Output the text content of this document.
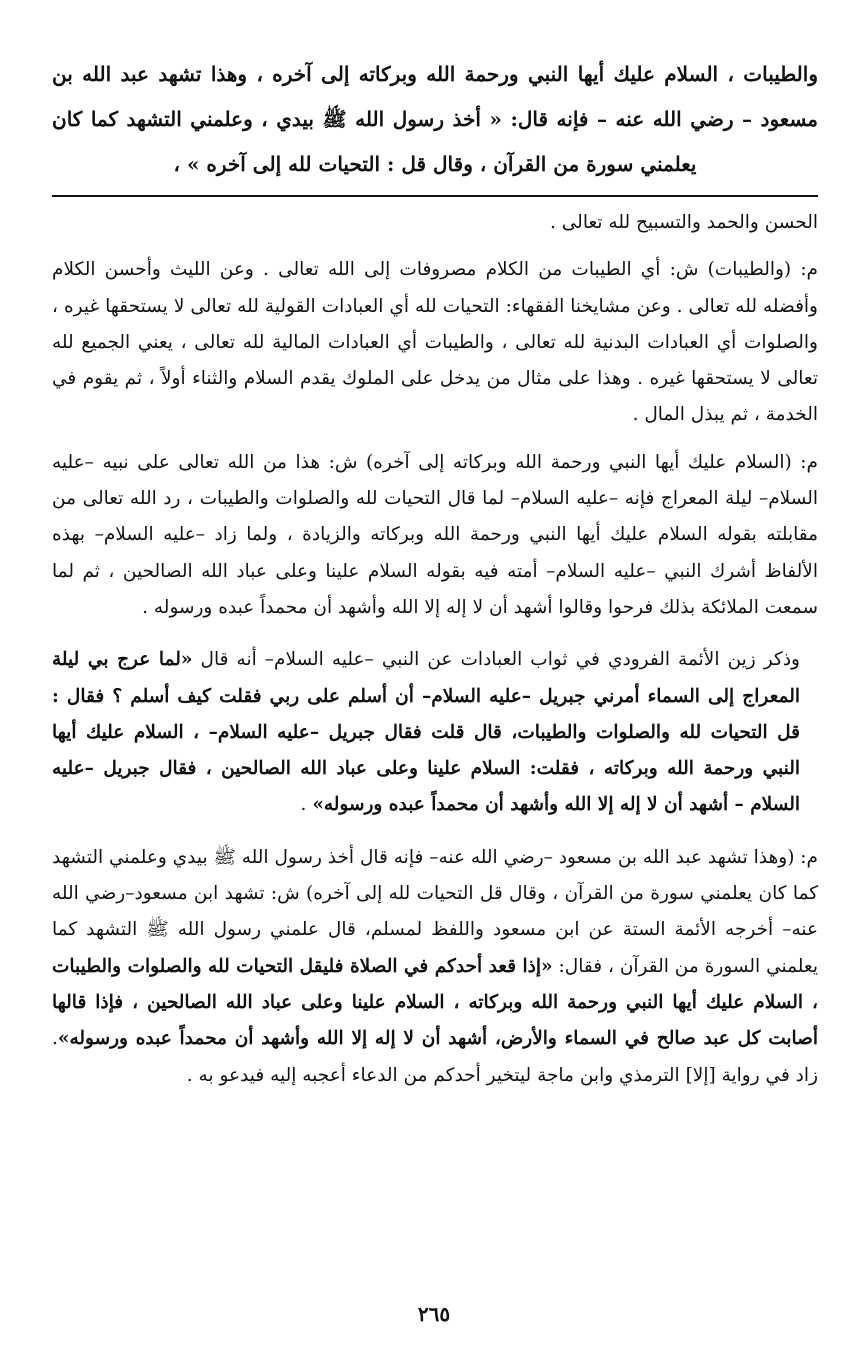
والطيبات ، السلام عليك أيها النبي ورحمة الله وبركاته إلى آخره ، وهذا تشهد عبد الله بن مسعود – رضي الله عنه – فإنه قال: « أخذ رسول الله ﷺ بيدي ، وعلمني التشهد كما كان يعلمني سورة من القرآن ، وقال قل : التحيات لله إلى آخره » ،

الحسن والحمد والتسبيح لله تعالى .

م: (والطيبات) ش: أي الطيبات من الكلام مصروفات إلى الله تعالى . وعن الليث وأحسن الكلام وأفضله لله تعالى . وعن مشايخنا الفقهاء: التحيات لله أي العبادات القولية لله تعالى لا يستحقها غيره ، والصلوات أي العبادات البدنية لله تعالى ، والطيبات أي العبادات المالية لله تعالى ، يعني الجميع لله تعالى لا يستحقها غيره . وهذا على مثال من يدخل على الملوك يقدم السلام والثناء أولاً ، ثم يقوم في الخدمة ، ثم يبذل المال .

م: (السلام عليك أيها النبي ورحمة الله وبركاته إلى آخره) ش: هذا من الله تعالى على نبيه –عليه السلام– ليلة المعراج فإنه –عليه السلام– لما قال التحيات لله والصلوات والطيبات ، رد الله تعالى من مقابلته بقوله السلام عليك أيها النبي ورحمة الله وبركاته والزيادة ، ولما زاد –عليه السلام– بهذه الألفاظ أشرك النبي –عليه السلام– أمته فيه بقوله السلام علينا وعلى عباد الله الصالحين ، ثم لما سمعت الملائكة بذلك فرحوا وقالوا أشهد أن لا إله إلا الله وأشهد أن محمداً عبده ورسوله .

وذكر زين الأئمة الفرودي في ثواب العبادات عن النبي –عليه السلام– أنه قال «لما عرج بي ليلة المعراج إلى السماء أمرني جبريل –عليه السلام– أن أسلم على ربي فقلت كيف أسلم ؟ فقال : قل التحيات لله والصلوات والطيبات، قال قلت فقال جبريل –عليه السلام– ، السلام عليك أيها النبي ورحمة الله وبركاته ، فقلت: السلام علينا وعلى عباد الله الصالحين ، فقال جبريل –عليه السلام – أشهد أن لا إله إلا الله وأشهد أن محمداً عبده ورسوله» .

م: (وهذا تشهد عبد الله بن مسعود –رضي الله عنه– فإنه قال أخذ رسول الله ﷺ بيدي وعلمني التشهد كما كان يعلمني سورة من القرآن ، وقال قل التحيات لله إلى آخره) ش: تشهد ابن مسعود–رضي الله عنه– أخرجه الأئمة الستة عن ابن مسعود واللفظ لمسلم، قال علمني رسول الله ﷺ التشهد كما يعلمني السورة من القرآن ، فقال: «إذا قعد أحدكم في الصلاة فليقل التحيات لله والصلوات والطيبات ، السلام عليك أيها النبي ورحمة الله وبركاته ، السلام علينا وعلى عباد الله الصالحين ، فإذا قالها أصابت كل عبد صالح في السماء والأرض، أشهد أن لا إله إلا الله وأشهد أن محمداً عبده ورسوله». زاد في رواية [إلا] الترمذي وابن ماجة ليتخير أحدكم من الدعاء أعجبه إليه فيدعو به .

٢٦٥
